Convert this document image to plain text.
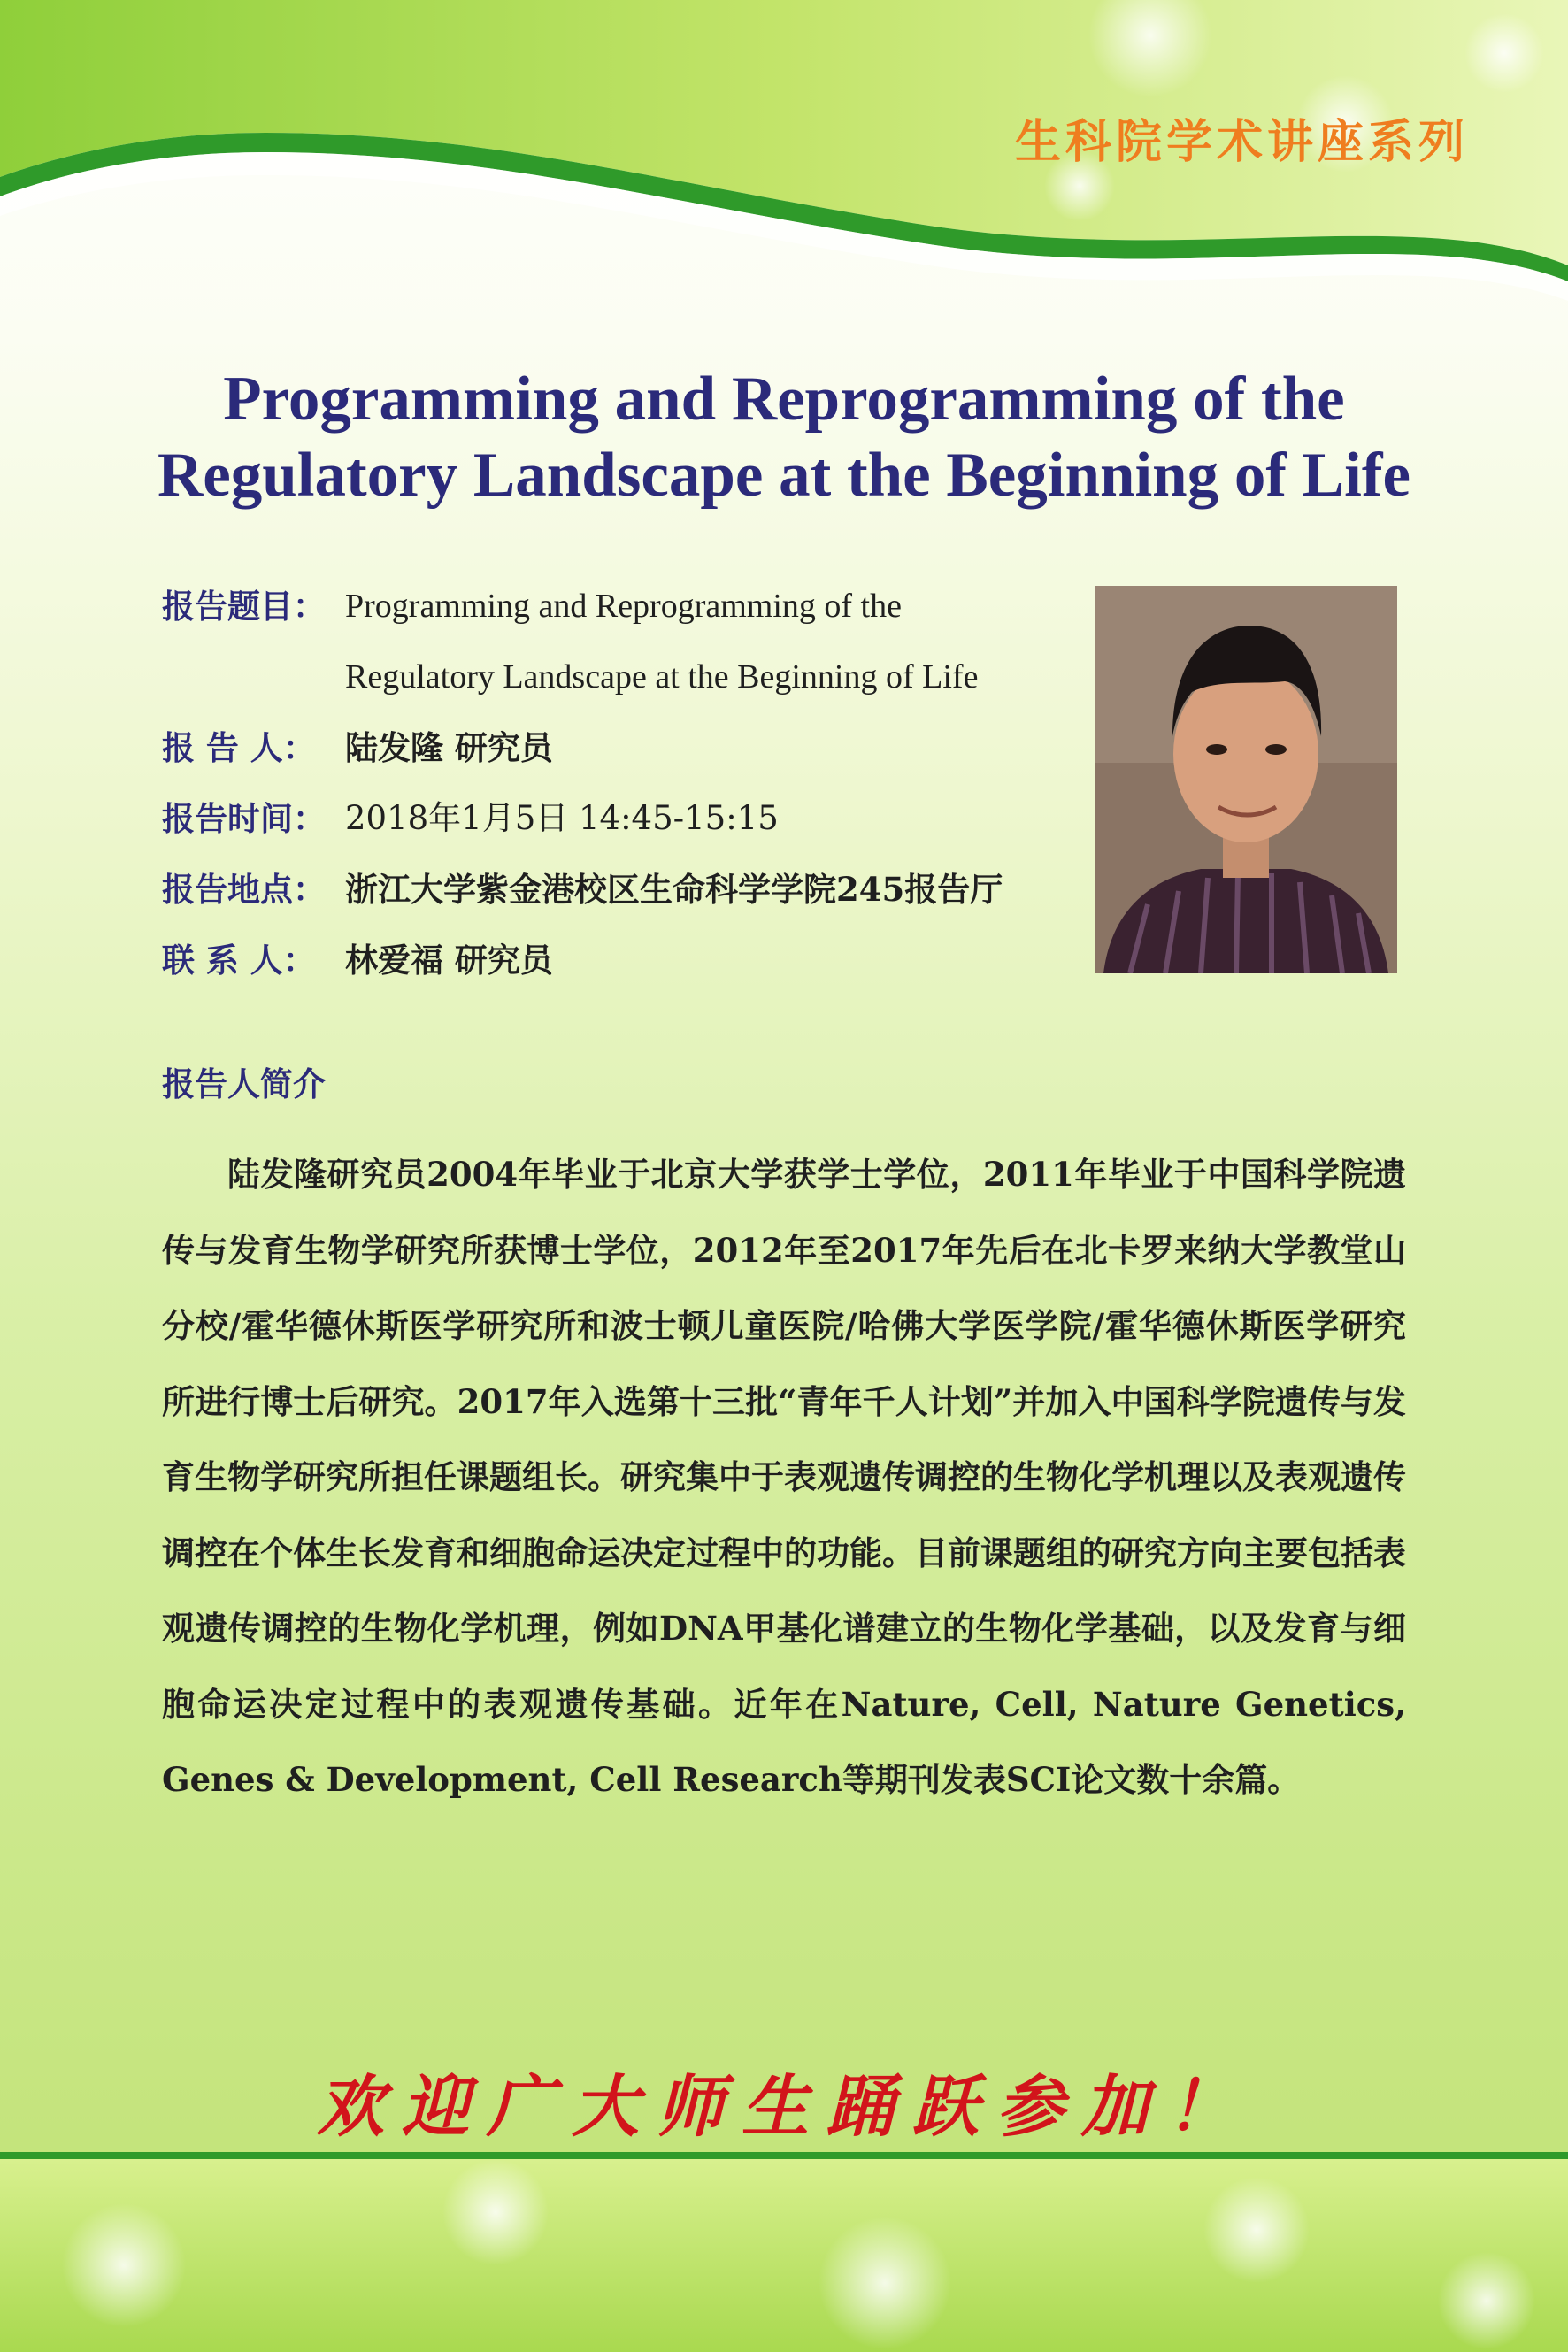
生科院学术讲座系列
Programming and Reprogramming of the
Regulatory Landscape at the Beginning of Life
报告题目： Programming and Reprogramming of the
Regulatory Landscape at the Beginning of Life
报 告 人： 陆发隆 研究员
报告时间： 2018年1月5日 14:45-15:15
报告地点： 浙江大学紫金港校区生命科学学院245报告厅
联 系 人： 林爱福 研究员
报告人简介
陆发隆研究员2004年毕业于北京大学获学士学位，2011年毕业于中国科学院遗传与发育生物学研究所获博士学位，2012年至2017年先后在北卡罗来纳大学教堂山分校/霍华德休斯医学研究所和波士顿儿童医院/哈佛大学医学院/霍华德休斯医学研究所进行博士后研究。2017年入选第十三批“青年千人计划”并加入中国科学院遗传与发育生物学研究所担任课题组长。研究集中于表观遗传调控的生物化学机理以及表观遗传调控在个体生长发育和细胞命运决定过程中的功能。目前课题组的研究方向主要包括表观遗传调控的生物化学机理，例如DNA甲基化谱建立的生物化学基础，以及发育与细胞命运决定过程中的表观遗传基础。近年在Nature, Cell, Nature Genetics, Genes & Development, Cell Research等期刊发表SCI论文数十余篇。
欢迎广大师生踊跃参加！
